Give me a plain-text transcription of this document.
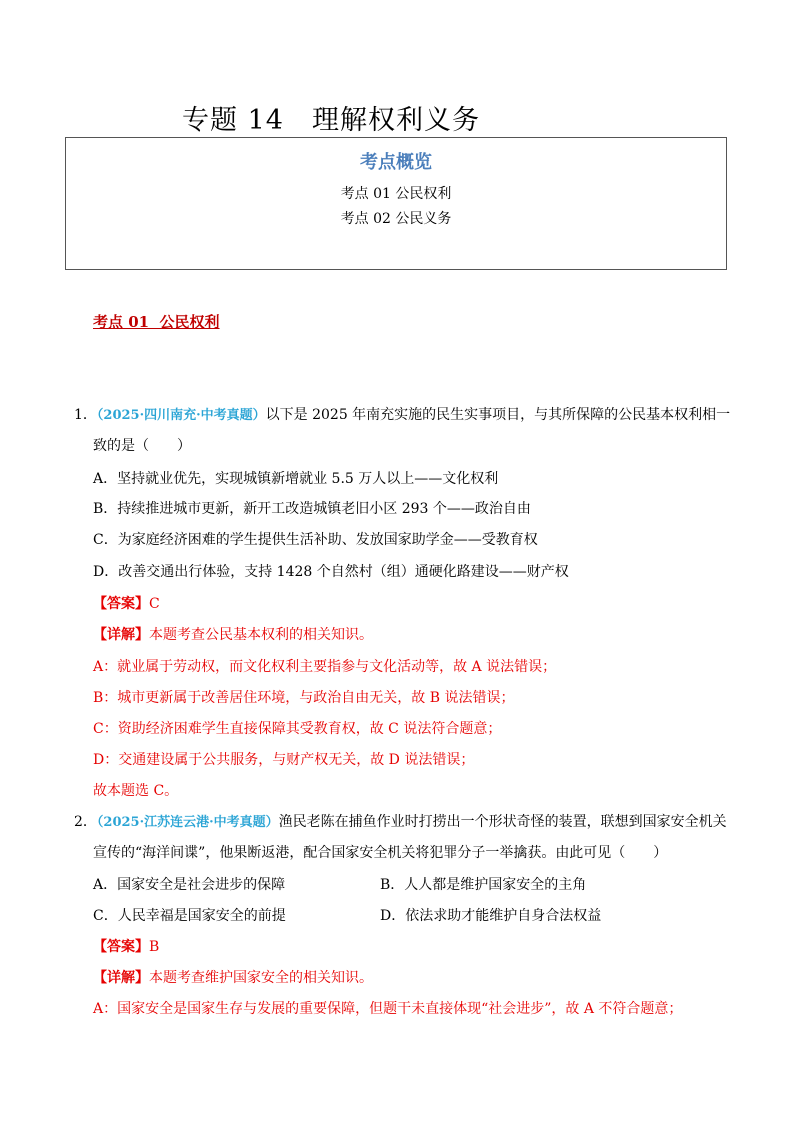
专题 14　理解权利义务
考点概览
考点 01 公民权利
考点 02 公民义务
考点 01  公民权利
1．（2025·四川南充·中考真题）以下是 2025 年南充实施的民生实事项目，与其所保障的公民基本权利相一
致的是（　　）
A．坚持就业优先，实现城镇新增就业 5.5 万人以上——文化权利
B．持续推进城市更新，新开工改造城镇老旧小区 293 个——政治自由
C．为家庭经济困难的学生提供生活补助、发放国家助学金——受教育权
D．改善交通出行体验，支持 1428 个自然村（组）通硬化路建设——财产权
【答案】C
【详解】本题考查公民基本权利的相关知识。
A：就业属于劳动权，而文化权利主要指参与文化活动等，故 A 说法错误；
B：城市更新属于改善居住环境，与政治自由无关，故 B 说法错误；
C：资助经济困难学生直接保障其受教育权，故 C 说法符合题意；
D：交通建设属于公共服务，与财产权无关，故 D 说法错误；
故本题选 C。
2．（2025·江苏连云港·中考真题）渔民老陈在捕鱼作业时打捞出一个形状奇怪的装置，联想到国家安全机关
宣传的“海洋间谍”，他果断返港，配合国家安全机关将犯罪分子一举擒获。由此可见（　　）
A．国家安全是社会进步的保障	B．人人都是维护国家安全的主角
C．人民幸福是国家安全的前提	D．依法求助才能维护自身合法权益
【答案】B
【详解】本题考查维护国家安全的相关知识。
A：国家安全是国家生存与发展的重要保障，但题干未直接体现“社会进步”，故 A 不符合题意；
